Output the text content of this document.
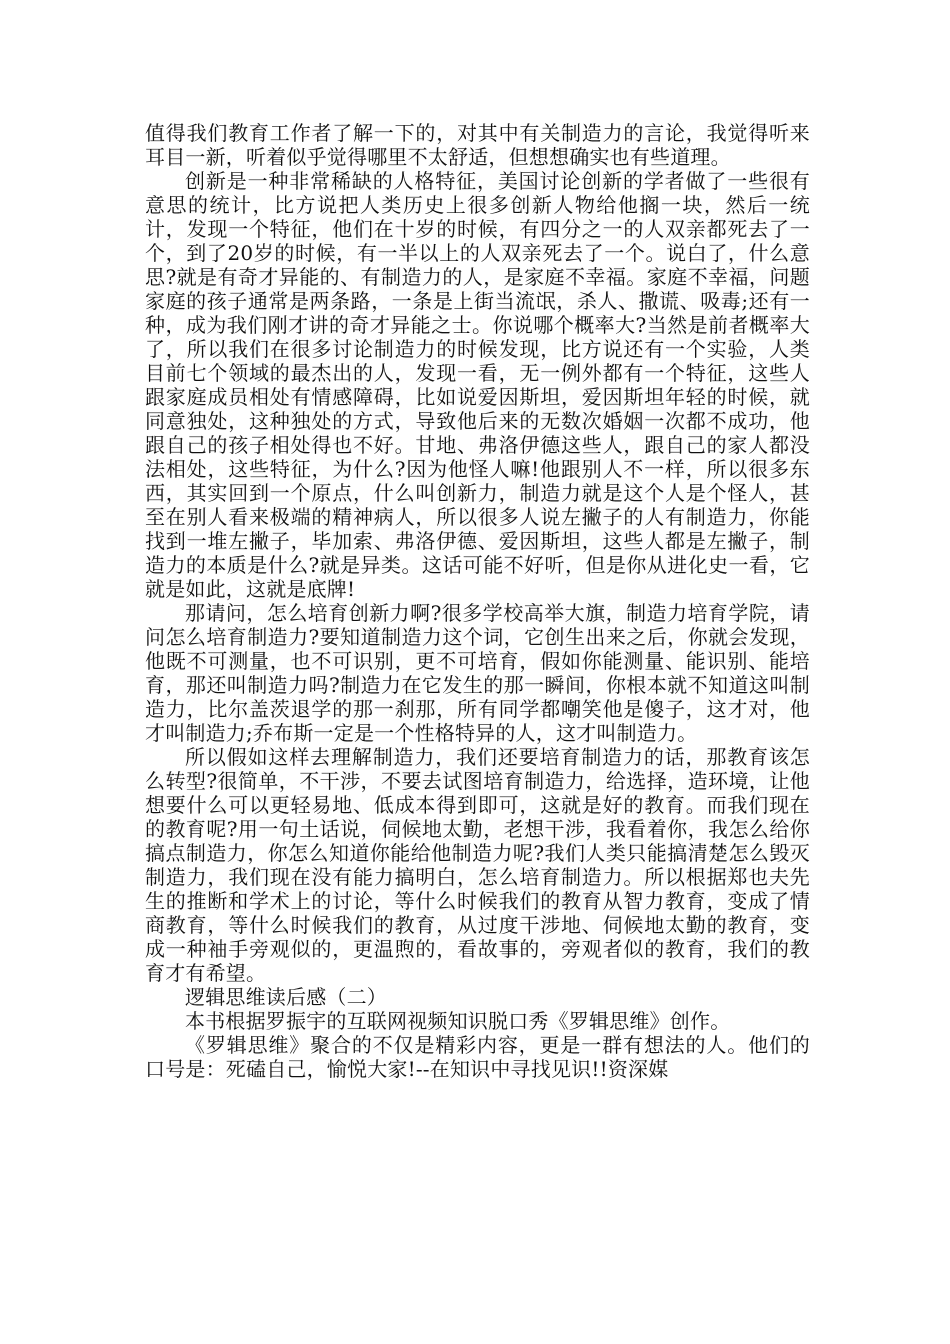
值得我们教育工作者了解一下的，对其中有关制造力的言论，我觉得听来耳目一新，听着似乎觉得哪里不太舒适，但想想确实也有些道理。

创新是一种非常稀缺的人格特征，美国讨论创新的学者做了一些很有意思的统计，比方说把人类历史上很多创新人物给他搁一块，然后一统计，发现一个特征，他们在十岁的时候，有四分之一的人双亲都死去了一个，到了20岁的时候，有一半以上的人双亲死去了一个。说白了，什么意思?就是有奇才异能的、有制造力的人，是家庭不幸福。家庭不幸福，问题家庭的孩子通常是两条路，一条是上街当流氓，杀人、撒谎、吸毒;还有一种，成为我们刚才讲的奇才异能之士。你说哪个概率大?当然是前者概率大了，所以我们在很多讨论制造力的时候发现，比方说还有一个实验，人类目前七个领域的最杰出的人，发现一看，无一例外都有一个特征，这些人跟家庭成员相处有情感障碍，比如说爱因斯坦，爱因斯坦年轻的时候，就同意独处，这种独处的方式，导致他后来的无数次婚姻一次都不成功，他跟自己的孩子相处得也不好。甘地、弗洛伊德这些人，跟自己的家人都没法相处，这些特征，为什么?因为他怪人嘛!他跟别人不一样，所以很多东西，其实回到一个原点，什么叫创新力，制造力就是这个人是个怪人，甚至在别人看来极端的精神病人，所以很多人说左撇子的人有制造力，你能找到一堆左撇子，毕加索、弗洛伊德、爱因斯坦，这些人都是左撇子，制造力的本质是什么?就是异类。这话可能不好听，但是你从进化史一看，它就是如此，这就是底牌!

那请问，怎么培育创新力啊?很多学校高举大旗，制造力培育学院，请问怎么培育制造力?要知道制造力这个词，它创生出来之后，你就会发现，他既不可测量，也不可识别，更不可培育，假如你能测量、能识别、能培育，那还叫制造力吗?制造力在它发生的那一瞬间，你根本就不知道这叫制造力，比尔盖茨退学的那一刹那，所有同学都嘲笑他是傻子，这才对，他才叫制造力;乔布斯一定是一个性格特异的人，这才叫制造力。

所以假如这样去理解制造力，我们还要培育制造力的话，那教育该怎么转型?很简单，不干涉，不要去试图培育制造力，给选择，造环境，让他想要什么可以更轻易地、低成本得到即可，这就是好的教育。而我们现在的教育呢?用一句土话说，伺候地太勤，老想干涉，我看着你，我怎么给你搞点制造力，你怎么知道你能给他制造力呢?我们人类只能搞清楚怎么毁灭制造力，我们现在没有能力搞明白，怎么培育制造力。所以根据郑也夫先生的推断和学术上的讨论，等什么时候我们的教育从智力教育，变成了情商教育，等什么时候我们的教育，从过度干涉地、伺候地太勤的教育，变成一种袖手旁观似的，更温煦的，看故事的，旁观者似的教育，我们的教育才有希望。

逻辑思维读后感（二）

本书根据罗振宇的互联网视频知识脱口秀《罗辑思维》创作。

《罗辑思维》聚合的不仅是精彩内容，更是一群有想法的人。他们的口号是：死磕自己，愉悦大家!--在知识中寻找见识!!资深媒
